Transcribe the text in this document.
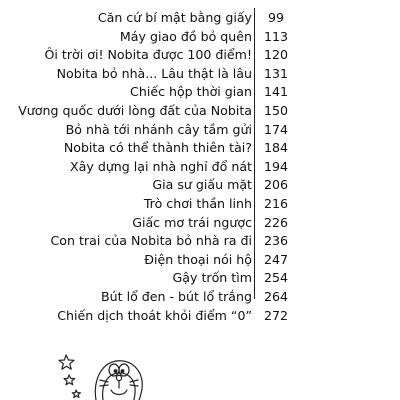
Căn cứ bí mật bằng giấy	99
Máy giao đồ bỏ quên 113
Ôi trời ơi! Nobita được 100 điểm! 120
Nobita bỏ nhà... Lâu thật là lâu 131
Chiếc hộp thời gian 141
Vương quốc dưới lòng đất của Nobita 150
Bỏ nhà tới nhánh cây tầm gửi 174
Nobita có thể thành thiên tài? 184
Xây dựng lại nhà nghỉ đổ nát 194
Gia sư giấu mặt 206
Trò chơi thần linh 216
Giấc mơ trái ngược 226
Con trai của Nobita bỏ nhà ra đi 236
Điện thoại nói hộ 247
Gậy trốn tìm 254
Bút lổ đen - bút lổ trắng 264
Chiến dịch thoát khỏi điểm “0” 272
